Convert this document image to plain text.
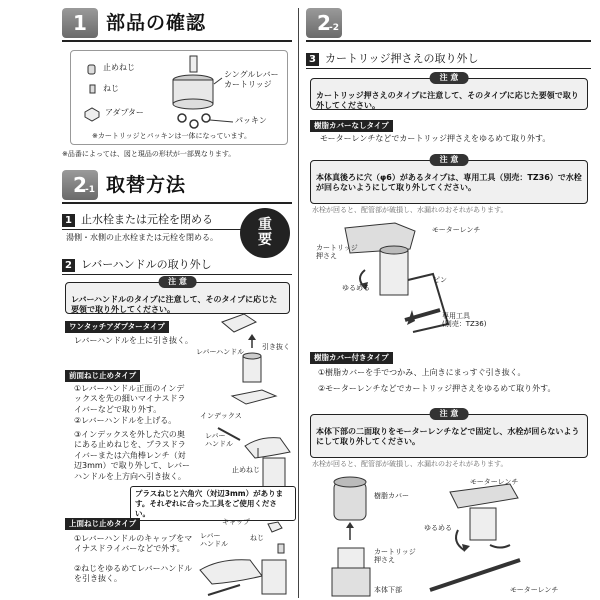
1	部品の確認
止めねじ
ねじ
アダプター
シングルレバー
カートリッジ
パッキン
※カートリッジとパッキンは一体になっています。
※品番によっては、図と現品の形状が一部異なります。
2
-1 取替方法
1 止水栓または元栓を閉める
湯側・水側の止水栓または元栓を閉める。
重
要
2 レバーハンドルの取り外し
注 意
レバーハンドルのタイプに注意して、そのタイプに応じた要領で取り外してください。
ワンタッチアダプタータイプ
レバーハンドルを上に引き抜く。
レバーハンドル
引き抜く
前面ねじ止めタイプ
①レバーハンドル正面のインデックスを先の細いマイナスドライバーなどで取り外す。
②レバーハンドルを上げる。
③インデックスを外した穴の奥にある止めねじを、プラスドライバーまたは六角棒レンチ（対辺3mm）で取り外して、レバーハンドルを上方向へ引き抜く。
インデックス
レバー
ハンドル
止めねじ
プラスねじと六角穴（対辺3mm）があります。それぞれに合った工具をご使用ください。
上面ねじ止めタイプ
①レバーハンドルのキャップをマイナスドライバーなどで外す。
②ねじをゆるめてレバーハンドルを引き抜く。
キャップ
レバー
ハンドル
ねじ
2
-2
3 カートリッジ押さえの取り外し
注 意
カートリッジ押さえのタイプに注意して、そのタイプに応じた要領で取り外してください。
樹脂カバーなしタイプ
モーターレンチなどでカートリッジ押さえをゆるめて取り外す。
注 意
本体真後ろに穴（φ6）があるタイプは、専用工具（別売：TZ36）で水栓が回らないようにして取り外してください。
水栓が回ると、配管部が破損し、水漏れのおそれがあります。
モーターレンチ
カートリッジ
押さえ
ピン
ゆるめる
専用工具
(別売：TZ36)
樹脂カバー付きタイプ
①樹脂カバーを手でつかみ、上向きにまっすぐ引き抜く。
②モーターレンチなどでカートリッジ押さえをゆるめて取り外す。
注 意
本体下部の二面取りをモーターレンチなどで固定し、水栓が回らないようにして取り外してください。
水栓が回ると、配管部が破損し、水漏れのおそれがあります。
樹脂カバー
カートリッジ
押さえ
本体下部
モーターレンチ
ゆるめる
モーターレンチ
